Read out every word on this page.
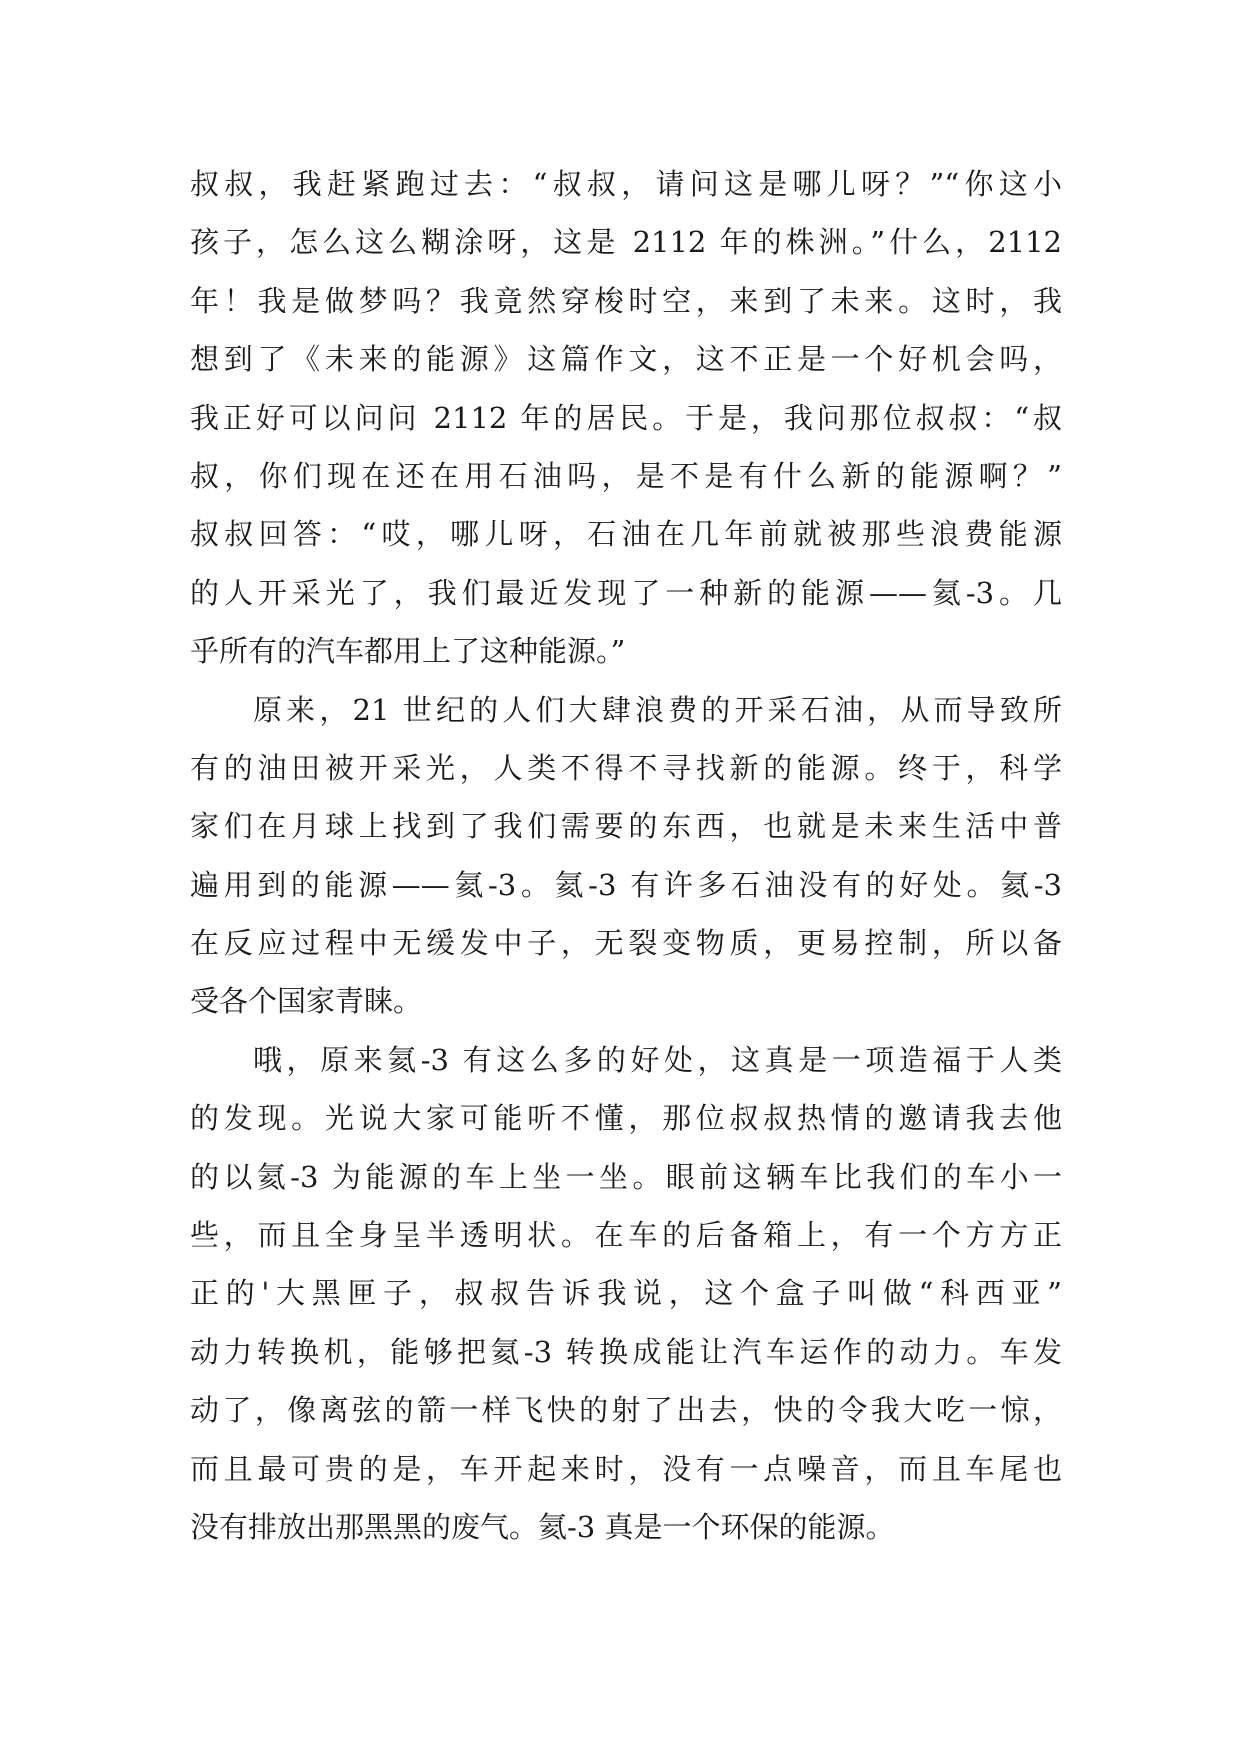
叔叔，我赶紧跑过去：“叔叔，请问这是哪儿呀？”“你这小
孩子，怎么这么糊涂呀，这是 2112 年的株洲。”什么，2112
年！我是做梦吗？我竟然穿梭时空，来到了未来。这时，我
想到了《未来的能源》这篇作文，这不正是一个好机会吗，
我正好可以问问 2112 年的居民。于是，我问那位叔叔：“叔
叔，你们现在还在用石油吗，是不是有什么新的能源啊？”
叔叔回答：“哎，哪儿呀，石油在几年前就被那些浪费能源
的人开采光了，我们最近发现了一种新的能源——氦-3。几
乎所有的汽车都用上了这种能源。”
原来，21 世纪的人们大肆浪费的开采石油，从而导致所
有的油田被开采光，人类不得不寻找新的能源。终于，科学
家们在月球上找到了我们需要的东西，也就是未来生活中普
遍用到的能源——氦-3。氦-3 有许多石油没有的好处。氦-3
在反应过程中无缓发中子，无裂变物质，更易控制，所以备
受各个国家青睐。
哦，原来氦-3 有这么多的好处，这真是一项造福于人类
的发现。光说大家可能听不懂，那位叔叔热情的邀请我去他
的以氦-3 为能源的车上坐一坐。眼前这辆车比我们的车小一
些，而且全身呈半透明状。在车的后备箱上，有一个方方正
正的'大黑匣子，叔叔告诉我说，这个盒子叫做“科西亚”
动力转换机，能够把氦-3 转换成能让汽车运作的动力。车发
动了，像离弦的箭一样飞快的射了出去，快的令我大吃一惊，
而且最可贵的是，车开起来时，没有一点噪音，而且车尾也
没有排放出那黑黑的废气。氦-3 真是一个环保的能源。
